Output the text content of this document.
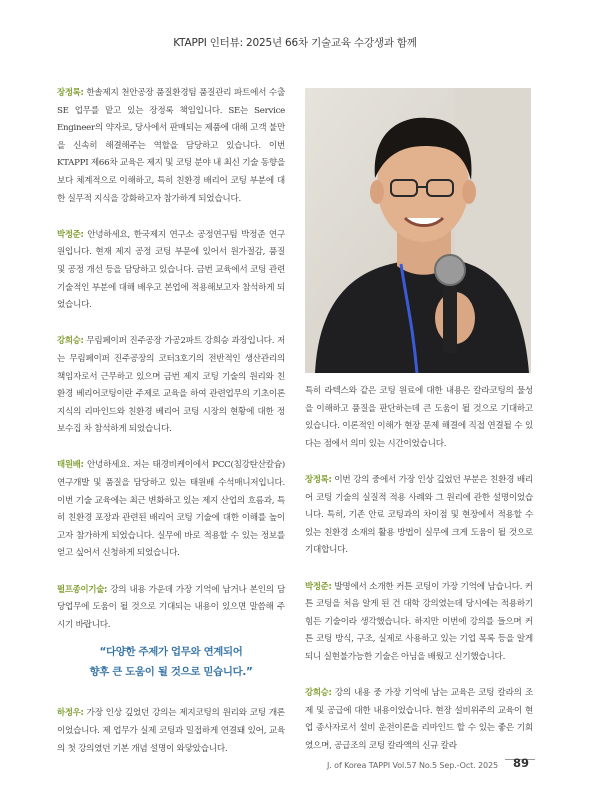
KTAPPI 인터뷰: 2025년 66차 기술교육 수강생과 함께

장정록: 한솔제지 천안공장 품질환경팀 품질관리 파트에서 수출SE 업무를 맡고 있는 장정록 책임입니다. SE는 Service Engineer의 약자로, 당사에서 판매되는 제품에 대해 고객 불만을 신속히 해결해주는 역할을 담당하고 있습니다. 이번 KTAPPI 제66차 교육은 제지 및 코팅 분야 내 최신 기술 동향을 보다 체계적으로 이해하고, 특히 친환경 배리어 코팅 부분에 대한 실무적 지식을 강화하고자 참가하게 되었습니다.

박정준: 안녕하세요, 한국제지 연구소 공정연구팀 박정준 연구원입니다. 현재 제지 공정 코팅 부문에 있어서 원가절감, 품질 및 공정 개선 등을 담당하고 있습니다. 금번 교육에서 코팅 관련 기술적인 부분에 대해 배우고 본업에 적용해보고자 참석하게 되었습니다.

강희승: 무림페이퍼 진주공장 가공2파트 강희승 과장입니다. 저는 무림페이퍼 진주공장의 코터3호기의 전반적인 생산관리의 책임자로서 근무하고 있으며 금번 제지 코팅 기술의 원리와 친환경 베리어코팅이란 주제로 교육을 하여 관련업무의 기초이론 지식의 리마인드와 친환경 베리어 코팅 시장의 현황에 대한 정보수집 차 참석하게 되었습니다.

태원배: 안녕하세요. 저는 태경비케이에서 PCC(침강탄산칼슘) 연구개발 및 품질을 담당하고 있는 태원배 수석매니저입니다. 이번 기술 교육에는 최근 변화하고 있는 제지 산업의 흐름과, 특히 친환경 포장과 관련된 배리어 코팅 기술에 대한 이해를 높이고자 참가하게 되었습니다. 실무에 바로 적용할 수 있는 정보를 얻고 싶어서 신청하게 되었습니다.

펄프종이기술: 강의 내용 가운데 가장 기억에 남거나 본인의 담당업무에 도움이 될 것으로 기대되는 내용이 있으면 말씀해 주시기 바랍니다.

“다양한 주제가 업무와 연계되어
향후 큰 도움이 될 것으로 믿습니다.”

하정우: 가장 인상 깊었던 강의는 제지코팅의 원리와 코팅 개론 이었습니다. 제 업무가 실제 코팅과 밀접하게 연결돼 있어, 교육의 첫 강의였던 기본 개념 설명이 와닿았습니다.

특히 라텍스와 같은 코팅 원료에 대한 내용은 칼라코팅의 물성을 이해하고 품질을 판단하는데 큰 도움이 될 것으로 기대하고 있습니다. 이론적인 이해가 현장 문제 해결에 직접 연결될 수 있다는 점에서 의미 있는 시간이었습니다.

장정록: 이번 강의 중에서 가장 인상 깊었던 부분은 친환경 배리어 코팅 기술의 실질적 적용 사례와 그 원리에 관한 설명이었습니다. 특히, 기존 안료 코팅과의 차이점 및 현장에서 적용할 수 있는 친환경 소재의 활용 방법이 실무에 크게 도움이 될 것으로 기대합니다.

박정준: 발명에서 소개한 커튼 코팅이 가장 기억에 남습니다. 커튼 코팅을 처음 알게 된 건 대학 강의였는데 당시에는 적용하기 힘든 기술이라 생각했습니다. 하지만 이번에 강의를 들으며 커튼 코팅 방식, 구조, 실제로 사용하고 있는 기업 목록 등을 알게 되니 실현불가능한 기술은 아님을 배웠고 신기했습니다.

강희승: 강의 내용 중 가장 기억에 남는 교육은 코팅 칼라의 조제 및 공급에 대한 내용이었습니다. 현장 설비위주의 교육이 현업 종사자로서 설비 운전이론을 리마인드 할 수 있는 좋은 기회였으며, 공급조의 코팅 칼라액의 신규 칼라

J. of Korea TAPPI Vol.57 No.5 Sep.-Oct. 2025	89
